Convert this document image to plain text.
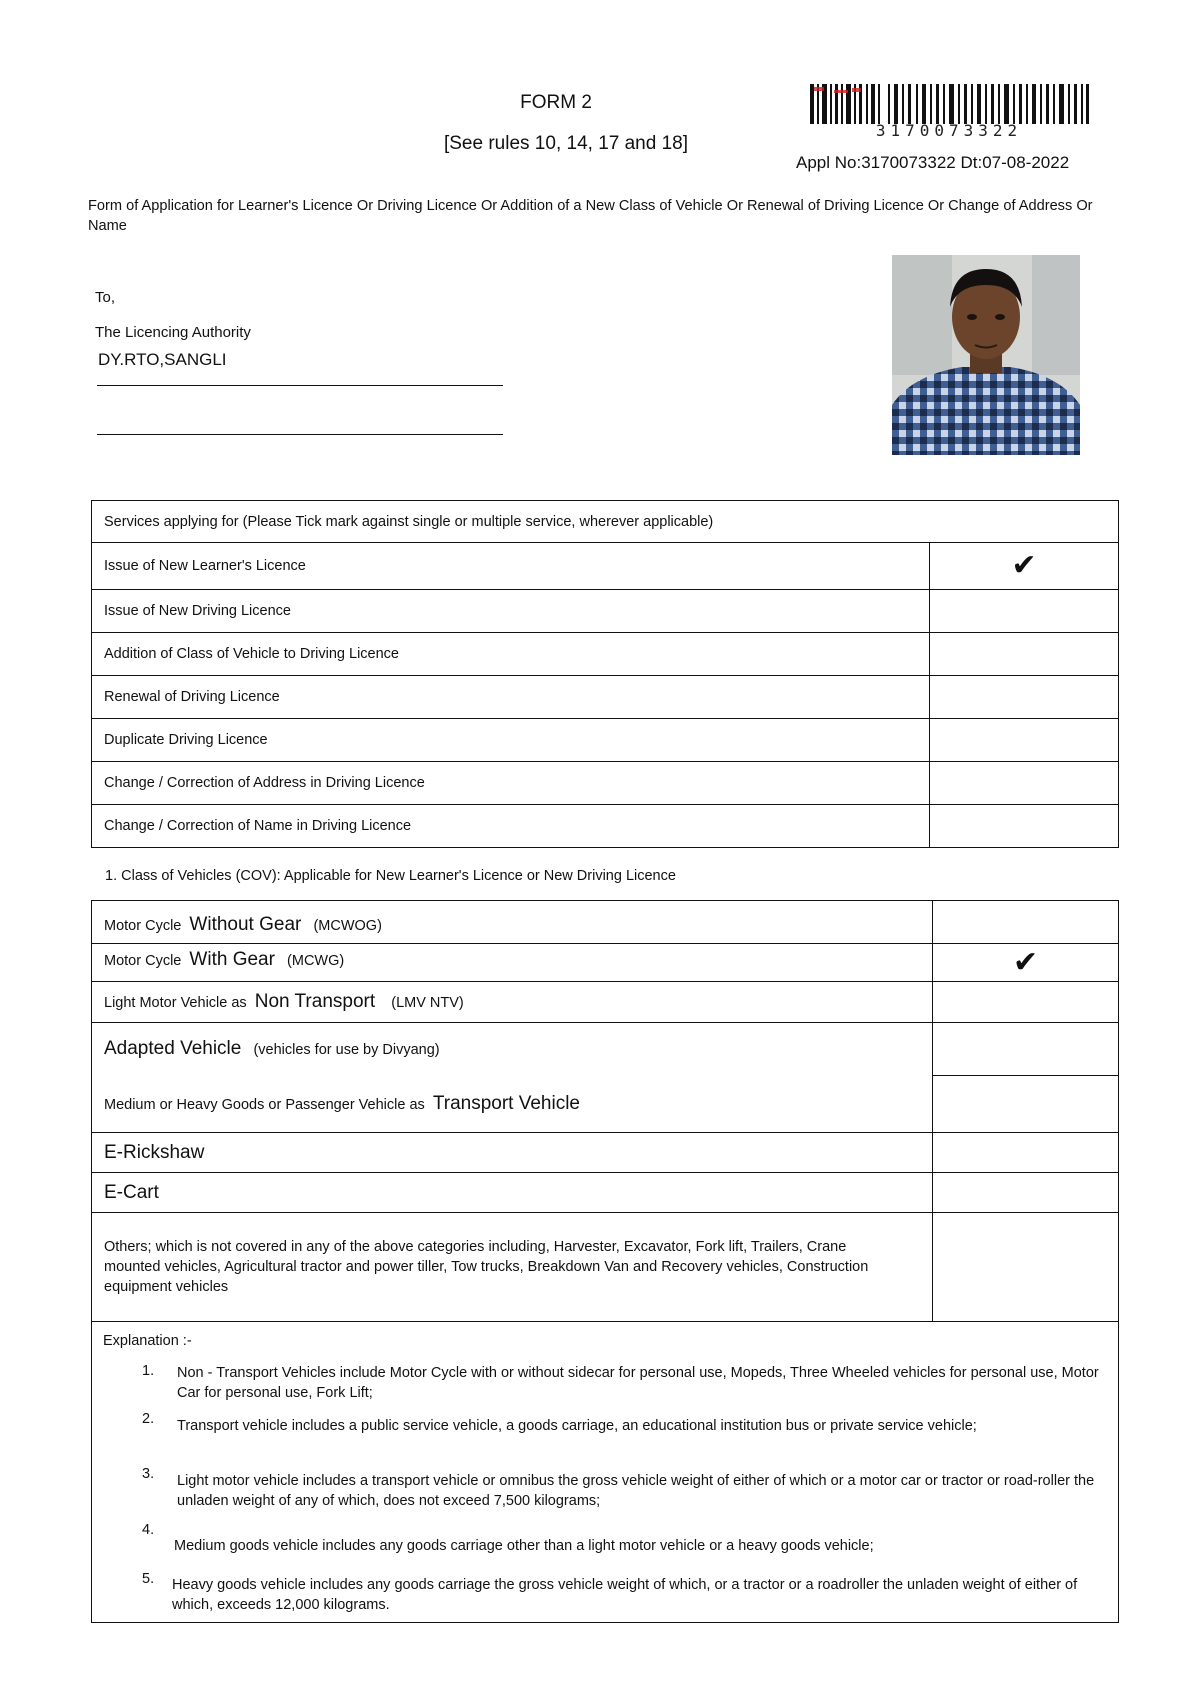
FORM 2
[See rules 10, 14, 17 and 18]
3170073322
Appl No:3170073322 Dt:07-08-2022
Form of Application for Learner's Licence Or Driving Licence Or Addition of a New Class of Vehicle Or Renewal of Driving Licence Or Change of Address Or Name
To,
The Licencing Authority
DY.RTO,SANGLI
Services applying for (Please Tick mark against single or multiple service, wherever applicable)	
Issue of New Learner's Licence	✔
Issue of New Driving Licence	
Addition of Class of Vehicle to Driving Licence	
Renewal of Driving Licence	
Duplicate Driving Licence	
Change / Correction of Address in Driving Licence	
Change / Correction of Name in Driving Licence	
1. Class of Vehicles (COV): Applicable for New Learner's Licence or New Driving Licence
Motor Cycle Without Gear (MCWOG)	
Motor Cycle With Gear (MCWG)	✔
Light Motor Vehicle as Non Transport (LMV NTV)	
Adapted Vehicle (vehicles for use by Divyang)	
Medium or Heavy Goods or Passenger Vehicle as Transport Vehicle	
E-Rickshaw	
E-Cart	
Others; which is not covered in any of the above categories including, Harvester, Excavator, Fork lift, Trailers, Crane mounted vehicles, Agricultural tractor and power tiller, Tow trucks, Breakdown Van and Recovery vehicles, Construction equipment vehicles	
Explanation :-
1. Non - Transport Vehicles include Motor Cycle with or without sidecar for personal use, Mopeds, Three Wheeled vehicles for personal use, Motor Car for personal use, Fork Lift;
2. Transport vehicle includes a public service vehicle, a goods carriage, an educational institution bus or private service vehicle;
3. Light motor vehicle includes a transport vehicle or omnibus the gross vehicle weight of either of which or a motor car or tractor or road-roller the unladen weight of any of which, does not exceed 7,500 kilograms;
4.
Medium goods vehicle includes any goods carriage other than a light motor vehicle or a heavy goods vehicle;
5. Heavy goods vehicle includes any goods carriage the gross vehicle weight of which, or a tractor or a roadroller the unladen weight of either of which, exceeds 12,000 kilograms.
